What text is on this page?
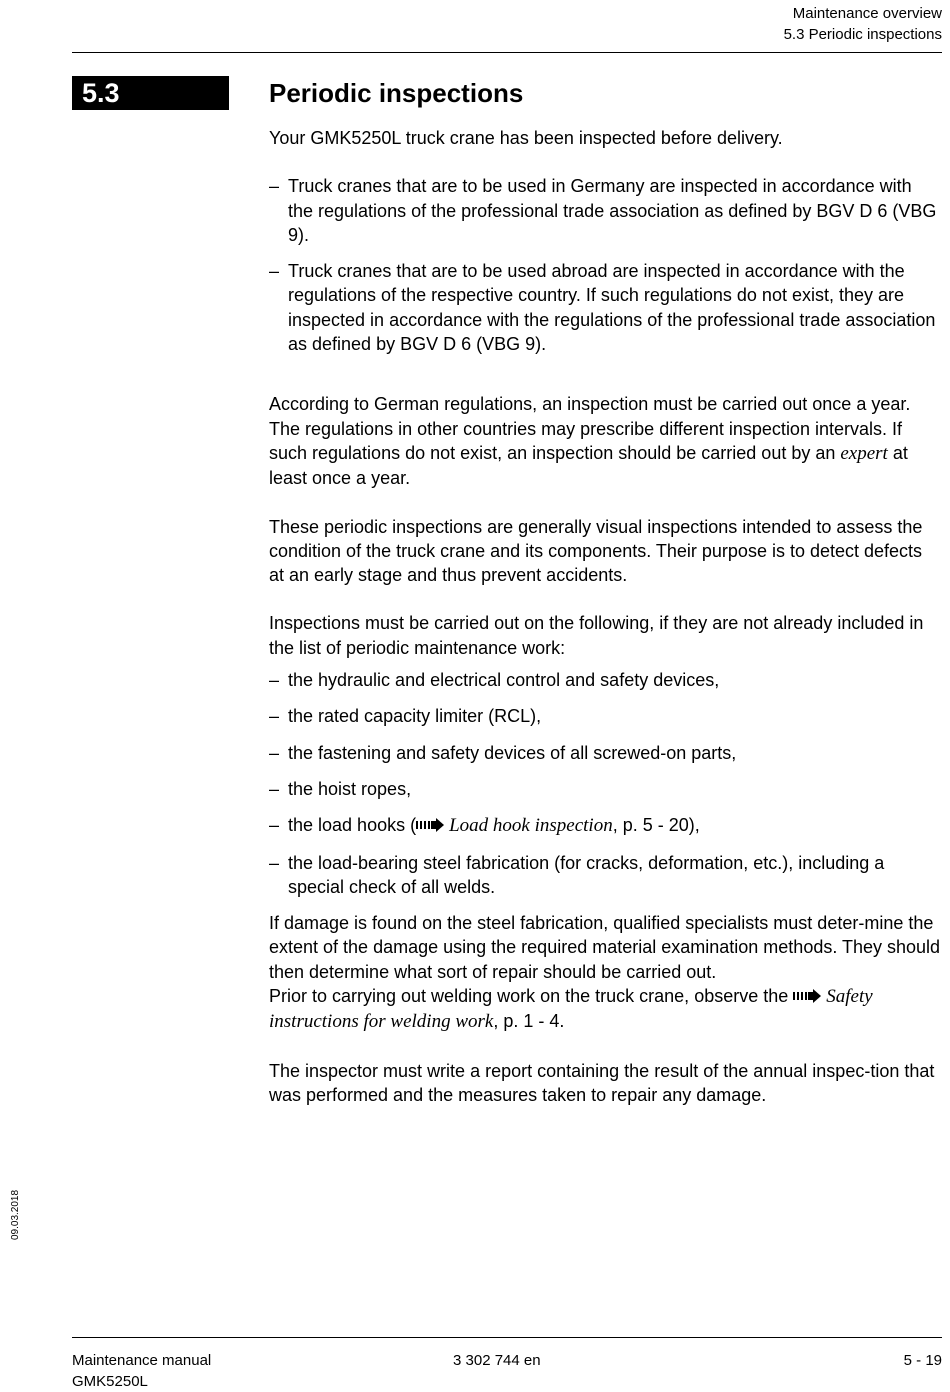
Maintenance overview
5.3 Periodic inspections
5.3	Periodic inspections

Your GMK5250L truck crane has been inspected before delivery.

– Truck cranes that are to be used in Germany are inspected in accordance with the regulations of the professional trade association as defined by BGV D 6 (VBG 9).

– Truck cranes that are to be used abroad are inspected in accordance with the regulations of the respective country. If such regulations do not exist, they are inspected in accordance with the regulations of the professional trade association as defined by BGV D 6 (VBG 9).

According to German regulations, an inspection must be carried out once a year. The regulations in other countries may prescribe different inspection intervals. If such regulations do not exist, an inspection should be carried out by an expert at least once a year.

These periodic inspections are generally visual inspections intended to assess the condition of the truck crane and its components. Their purpose is to detect defects at an early stage and thus prevent accidents.

Inspections must be carried out on the following, if they are not already included in the list of periodic maintenance work:

– the hydraulic and electrical control and safety devices,

– the rated capacity limiter (RCL),

– the fastening and safety devices of all screwed-on parts,

– the hoist ropes,

– the load hooks ( Load hook inspection, p. 5 - 20),

– the load-bearing steel fabrication (for cracks, deformation, etc.), including a special check of all welds.

If damage is found on the steel fabrication, qualified specialists must deter-mine the extent of the damage using the required material examination methods. They should then determine what sort of repair should be carried out.

Prior to carrying out welding work on the truck crane, observe the Safety instructions for welding work, p. 1 - 4.

The inspector must write a report containing the result of the annual inspec-tion that was performed and the measures taken to repair any damage.

09.03.2018
Maintenance manual
GMK5250L
3 302 744 en	5 - 19
